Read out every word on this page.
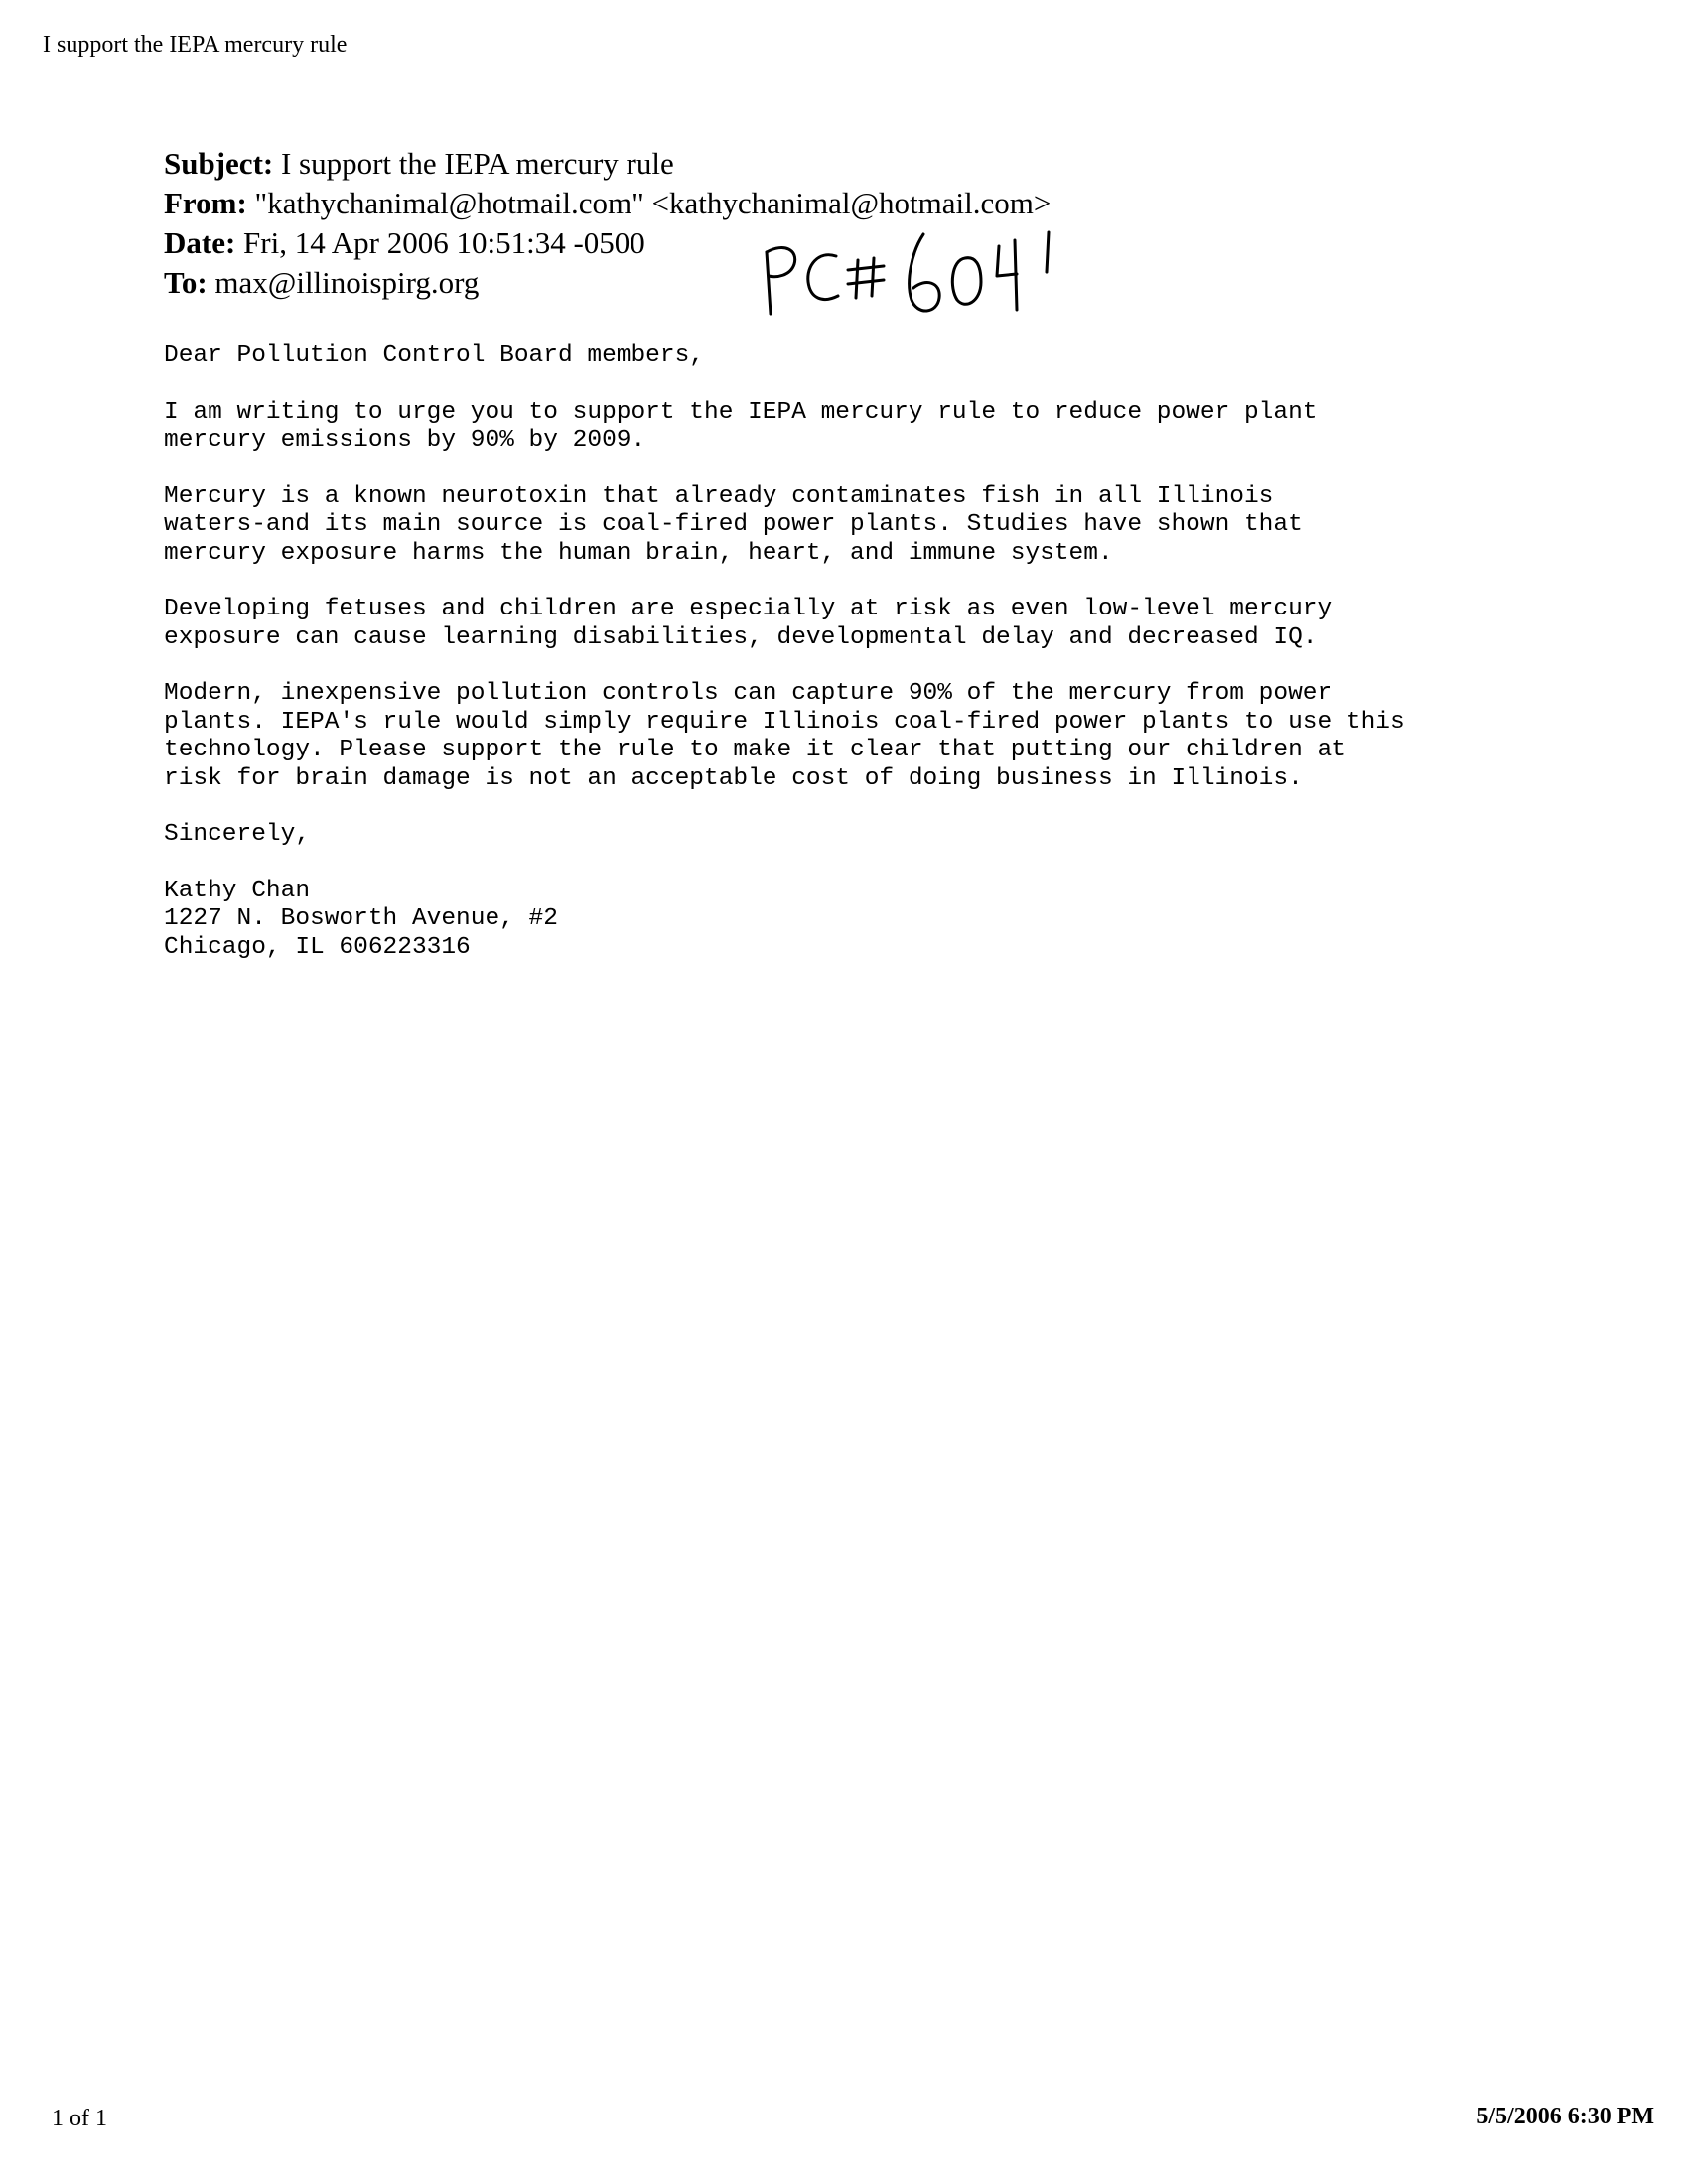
I support the IEPA mercury rule
Subject: I support the IEPA mercury rule
From: "kathychanimal@hotmail.com" <kathychanimal@hotmail.com>
Date: Fri, 14 Apr 2006 10:51:34 -0500
To: max@illinoispirg.org
Dear Pollution Control Board members,
I am writing to urge you to support the IEPA mercury rule to reduce power plant
mercury emissions by 90% by 2009.
Mercury is a known neurotoxin that already contaminates fish in all Illinois
waters-and its main source is coal-fired power plants. Studies have shown that
mercury exposure harms the human brain, heart, and immune system.
Developing fetuses and children are especially at risk as even low-level mercury
exposure can cause learning disabilities, developmental delay and decreased IQ.
Modern, inexpensive pollution controls can capture 90% of the mercury from power
plants. IEPA's rule would simply require Illinois coal-fired power plants to use this
technology. Please support the rule to make it clear that putting our children at
risk for brain damage is not an acceptable cost of doing business in Illinois.
Sincerely,
Kathy Chan
1227 N. Bosworth Avenue, #2
Chicago, IL 606223316
1 of 1	5/5/2006 6:30 PM
